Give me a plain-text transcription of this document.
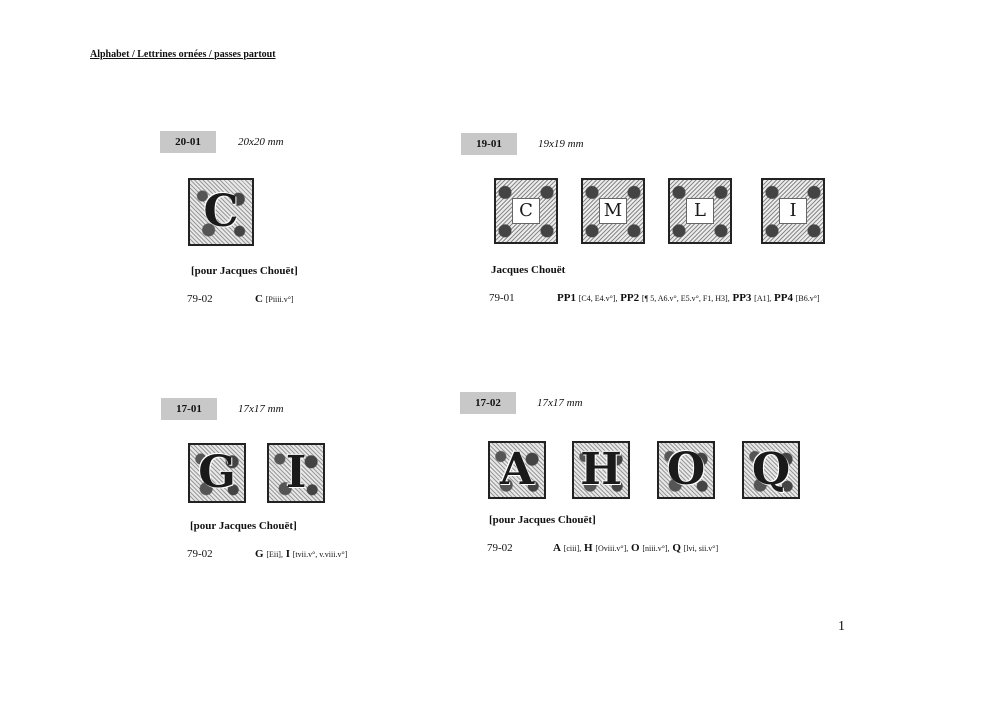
Alphabet / Lettrines ornées / passes partout
20-01	20x20 mm
C
[pour Jacques Chouët]
79-02	C [Piiii.v°]
19-01	19x19 mm
C	M	L	I
Jacques Chouët
79-01	PP1 [C4, E4.v°], PP2 [¶ 5, A6.v°, E5.v°, F1, H3], PP3 [A1], PP4 [B6.v°]
17-01	17x17 mm
G I
[pour Jacques Chouët]
79-02	G [Eii], I [tvii.v°, v.viii.v°]
17-02	17x17 mm
A H O Q
[pour Jacques Chouët]
79-02	A [ciii], H [Oviii.v°], O [niii.v°], Q [lvi, sii.v°]
1
